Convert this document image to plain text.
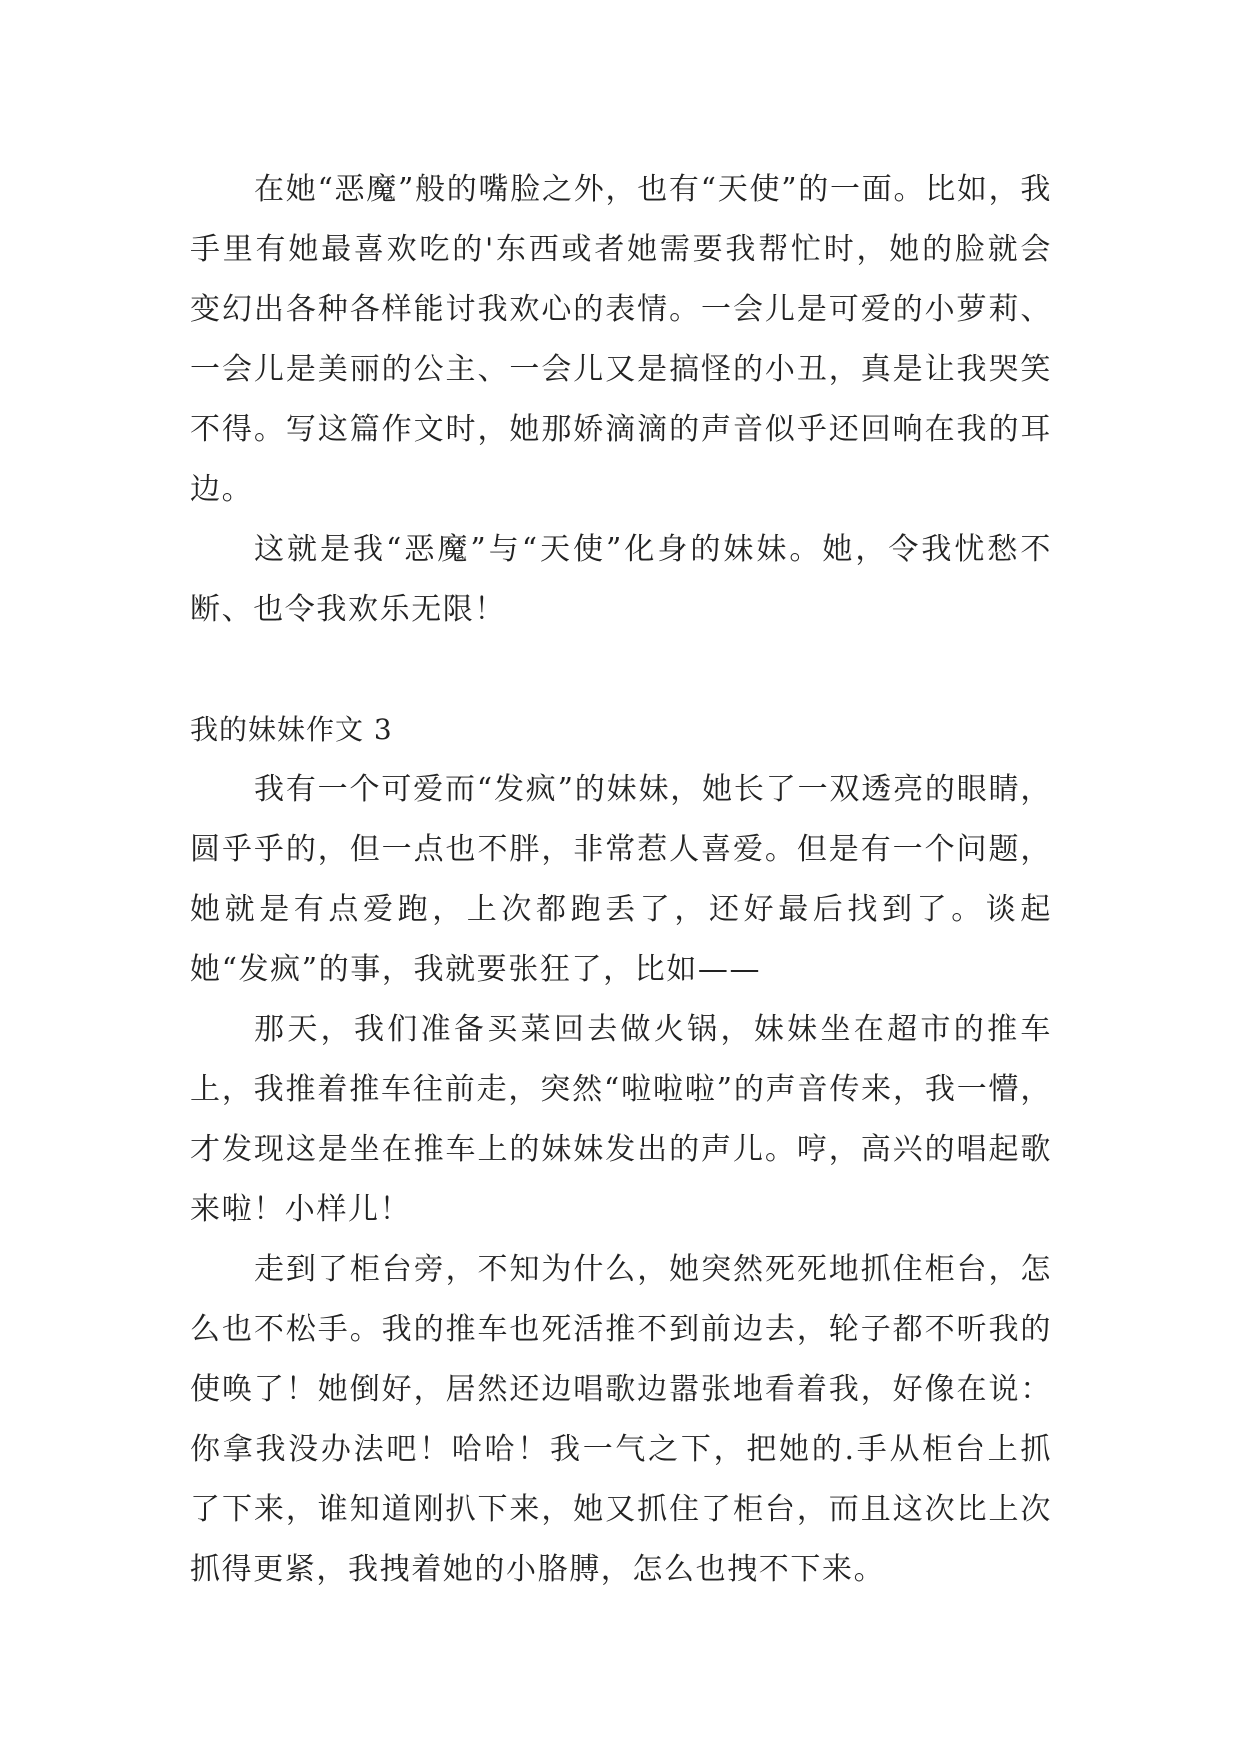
在她“恶魔”般的嘴脸之外，也有“天使”的一面。比如，我手里有她最喜欢吃的'东西或者她需要我帮忙时，她的脸就会变幻出各种各样能讨我欢心的表情。一会儿是可爱的小萝莉、一会儿是美丽的公主、一会儿又是搞怪的小丑，真是让我哭笑不得。写这篇作文时，她那娇滴滴的声音似乎还回响在我的耳边。

这就是我“恶魔”与“天使”化身的妹妹。她，令我忧愁不断、也令我欢乐无限！

我的妹妹作文 3

我有一个可爱而“发疯”的妹妹，她长了一双透亮的眼睛，圆乎乎的，但一点也不胖，非常惹人喜爱。但是有一个问题，她就是有点爱跑，上次都跑丢了，还好最后找到了。谈起她“发疯”的事，我就要张狂了，比如——

那天，我们准备买菜回去做火锅，妹妹坐在超市的推车上，我推着推车往前走，突然“啦啦啦”的声音传来，我一懵，才发现这是坐在推车上的妹妹发出的声儿。哼，高兴的唱起歌来啦！小样儿！

走到了柜台旁，不知为什么，她突然死死地抓住柜台，怎么也不松手。我的推车也死活推不到前边去，轮子都不听我的使唤了！她倒好，居然还边唱歌边嚣张地看着我，好像在说：你拿我没办法吧！哈哈！我一气之下，把她的.手从柜台上抓了下来，谁知道刚扒下来，她又抓住了柜台，而且这次比上次抓得更紧，我拽着她的小胳膊，怎么也拽不下来。
